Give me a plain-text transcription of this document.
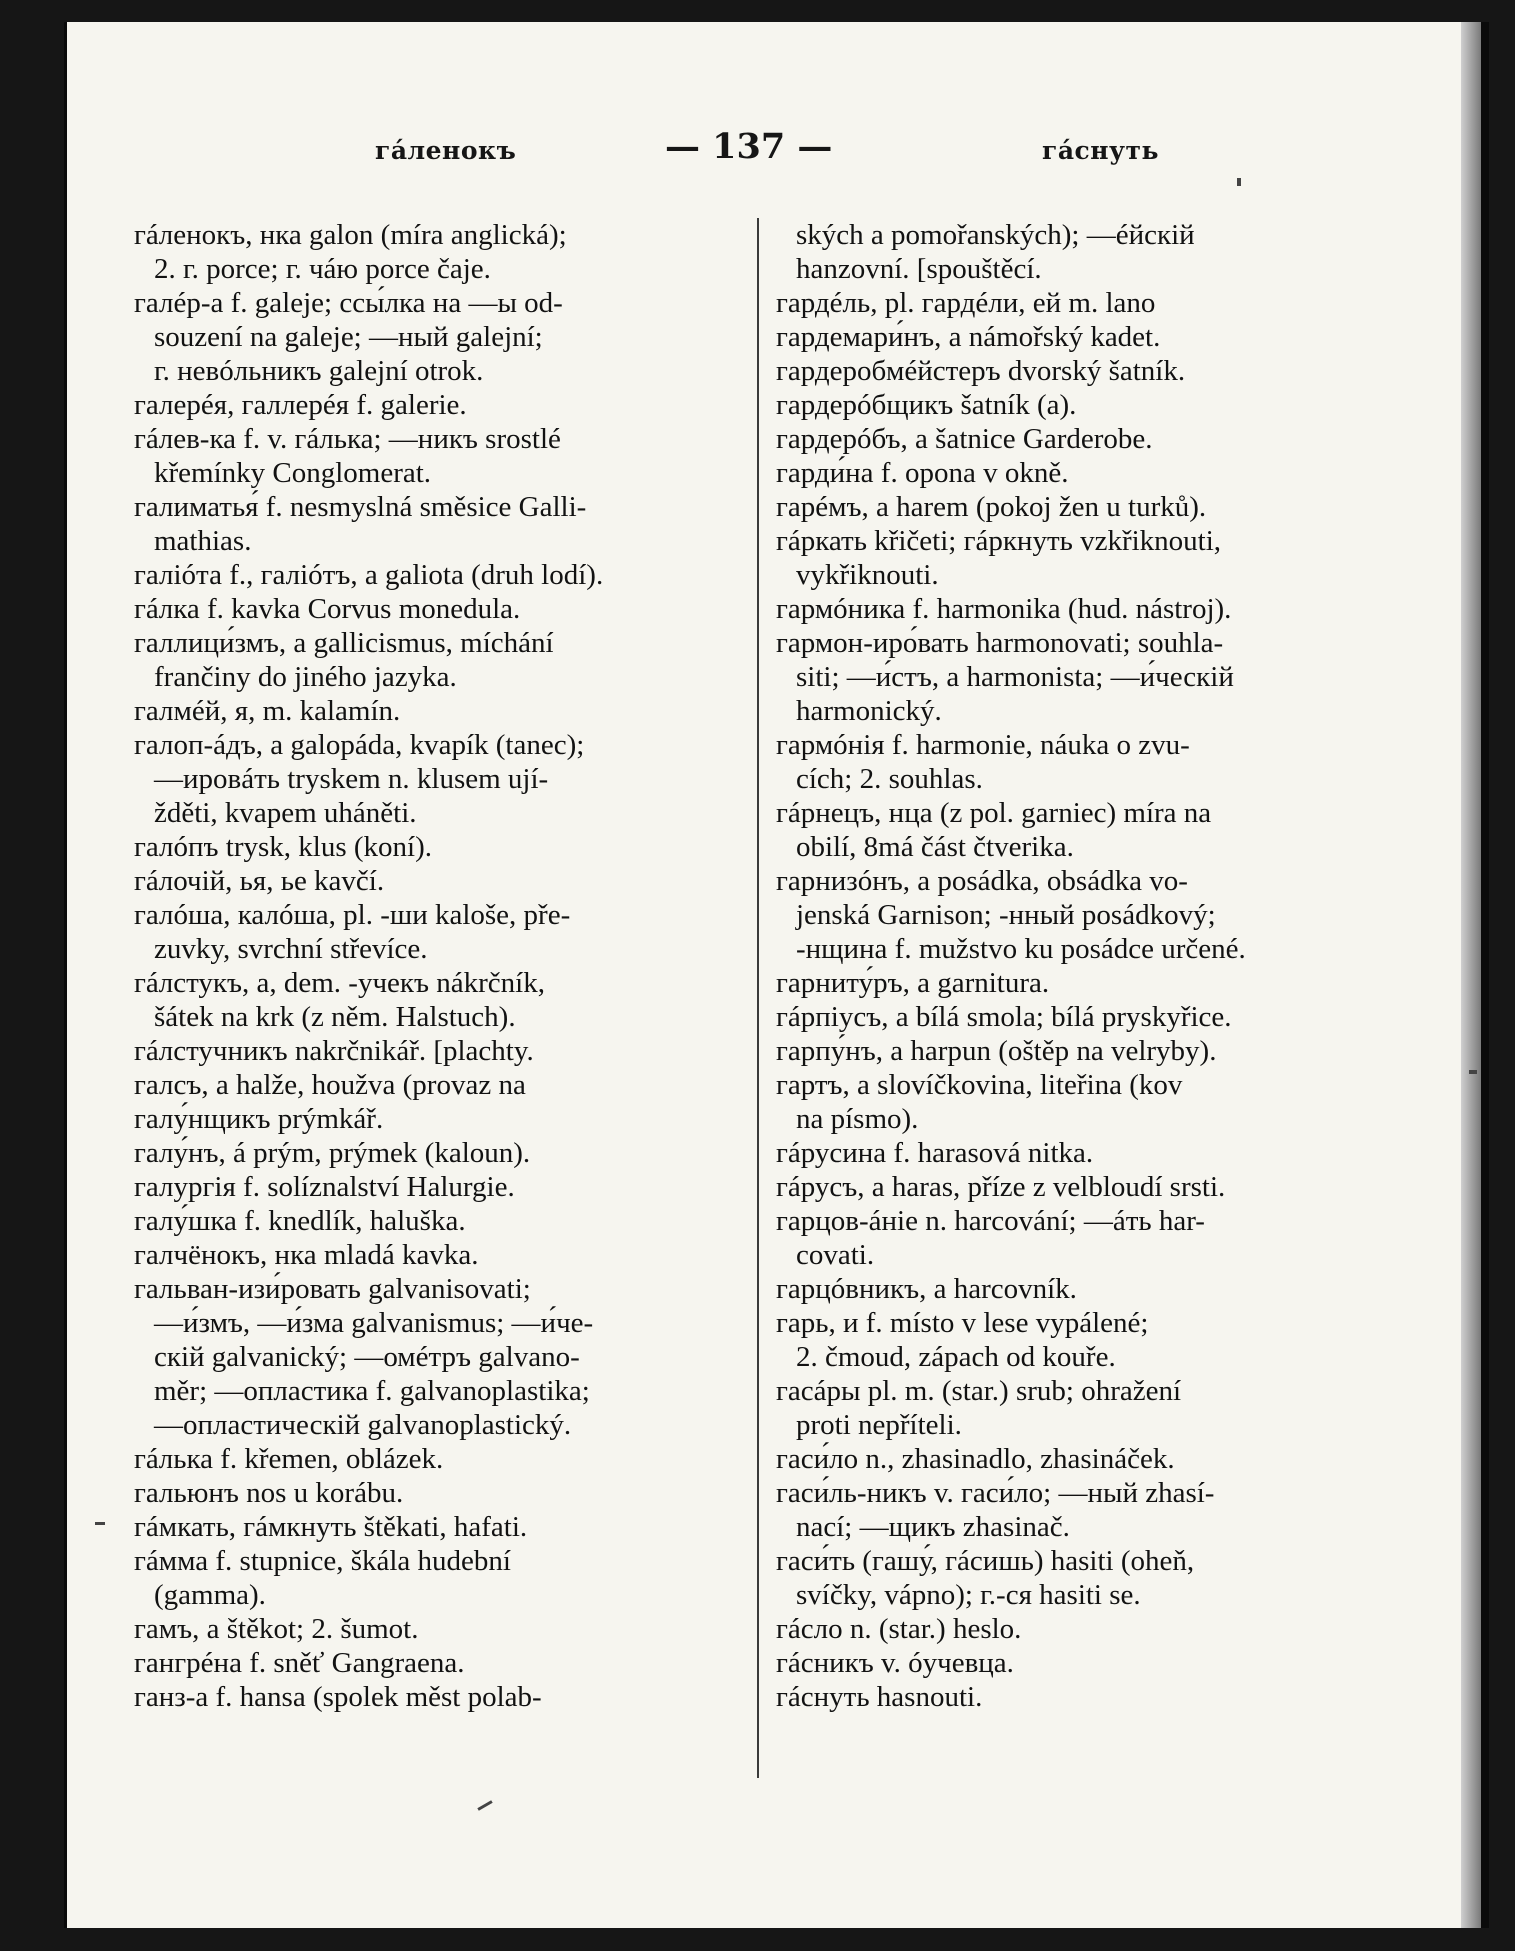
гáленокъ	— 137 —	гáснуть
гáленокъ, нка galon (míra anglická);
2. г. porce; г. чáю porce čaje.
галéр-а f. galeje; ссы́лка на —ы od-
souzení na galeje; —ный galejní;
г. невóльникъ galejní otrok.
галерéя, галлерéя f. galerie.
гáлев-ка f. v. гáлька; —никъ srostlé
křemínky Conglomerat.
галиматья́ f. nesmyslná směsice Galli-
mathias.
галióта f., галióтъ, a galiota (druh lodí).
гáлка f. kavka Corvus monedula.
галлици́змъ, a gallicismus, míchání
frančiny do jiného jazyka.
галмéй, я, m. kalamín.
галоп-áдъ, a galopáda, kvapík (tanec);
—ировáть tryskem n. klusem ují-
žděti, kvapem uháněti.
галóпъ trysk, klus (koní).
гáлочій, ья, ье kavčí.
галóша, калóша, pl. -ши kaloše, pře-
zuvky, svrchní střevíce.
гáлстукъ, a, dem. -учекъ nákrčník,
šátek na krk (z něm. Halstuch).
гáлстучникъ nakrčnikář. [plachty.
галсъ, a halže, houžva (provaz na
галу́нщикъ prýmkář.
галу́нъ, á prým, prýmek (kaloun).
галургія f. solíznalství Halurgie.
галу́шка f. knedlík, haluška.
галчёнокъ, нка mladá kavka.
гальван-изи́ровать galvanisovati;
—и́змъ, —и́зма galvanismus; —и́че-
скій galvanický; —омéтръ galvano-
měr; —опластика f. galvanoplastika;
—опластическій galvanoplastický.
гáлька f. křemen, oblázek.
гальюнъ nos u korábu.
гáмкать, гáмкнуть štěkati, hafati.
гáмма f. stupnice, škála hudební
(gamma).
гамъ, a štěkot; 2. šumot.
гангрéна f. sněť Gangraena.
ганз-а f. hansa (spolek měst polab-
ských a pomořanských); —éйскій
hanzovní. [spouštěcí.
гардéль, pl. гардéли, ей m. lano
гардемари́нъ, a námořský kadet.
гардеробмéйстеръ dvorský šatník.
гардерóбщикъ šatník (a).
гардерóбъ, a šatnice Garderobe.
гарди́на f. opona v okně.
гарéмъ, a harem (pokoj žen u turků).
гáркать křičeti; гáркнуть vzkřiknouti,
vykřiknouti.
гармóника f. harmonika (hud. nástroj).
гармон-иро́вать harmonovati; souhla-
siti; —и́стъ, a harmonista; —и́ческій
harmonický.
гармóнія f. harmonie, náuka o zvu-
cích; 2. souhlas.
гáрнецъ, нца (z pol. garniec) míra na
obilí, 8má část čtverika.
гарнизóнъ, a posádka, obsádka vo-
jenská Garnison; -нный posádkový;
-нщина f. mužstvo ku posádce určené.
гарниту́ръ, a garnitura.
гáрпіусъ, a bílá smola; bílá pryskyřice.
гарпу́нъ, a harpun (oštěp na velryby).
гартъ, a slovíčkovina, liteřina (kov
na písmo).
гáрусина f. harasová nitka.
гáрусъ, a haras, příze z velbloudí srsti.
гарцов-áніе n. harcování; —áть har-
covati.
гарцóвникъ, a harcovník.
гарь, и f. místo v lese vypálené;
2. čmoud, zápach od kouře.
гасáры pl. m. (star.) srub; ohražení
proti nepříteli.
гаси́ло n., zhasinadlo, zhasináček.
гаси́ль-никъ v. гаси́ло; —ный zhasí-
nací; —щикъ zhasinač.
гаси́ть (гашу́, гáсишь) hasiti (oheň,
svíčky, vápno); г.-ся hasiti se.
гáсло n. (star.) heslo.
гáсникъ v. óучевца.
гáснуть hasnouti.
